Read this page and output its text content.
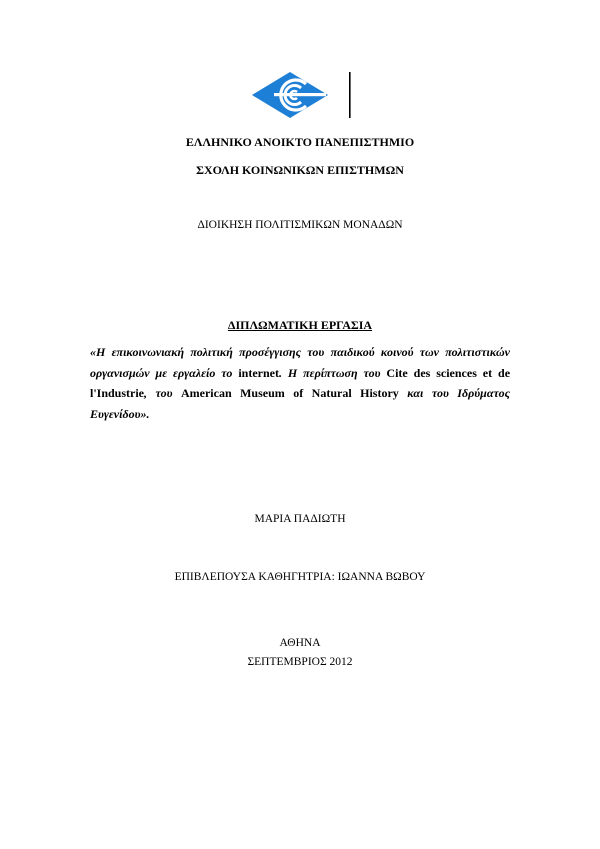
ΕΛΛΗΝΙΚΟ ΑΝΟΙΚΤΟ ΠΑΝΕΠΙΣΤΗΜΙΟ
ΣΧΟΛΗ ΚΟΙΝΩΝΙΚΩΝ ΕΠΙΣΤΗΜΩΝ
ΔΙΟΙΚΗΣΗ ΠΟΛΙΤΙΣΜΙΚΩΝ ΜΟΝΑΔΩΝ
ΔΙΠΛΩΜΑΤΙΚΗ ΕΡΓΑΣΙΑ
«Η επικοινωνιακή πολιτική προσέγγισης του παιδικού κοινού των πολιτιστικών οργανισμών με εργαλείο το internet. Η περίπτωση του Cite des sciences et de l'Industrie, του American Museum of Natural History και του Ιδρύματος Ευγενίδου».
ΜΑΡΙΑ ΠΑΔΙΩΤΗ
ΕΠΙΒΛΕΠΟΥΣΑ ΚΑΘΗΓΗΤΡΙΑ: ΙΩΑΝΝΑ ΒΩΒΟΥ
ΑΘΗΝΑ
ΣΕΠΤΕΜΒΡΙΟΣ 2012
